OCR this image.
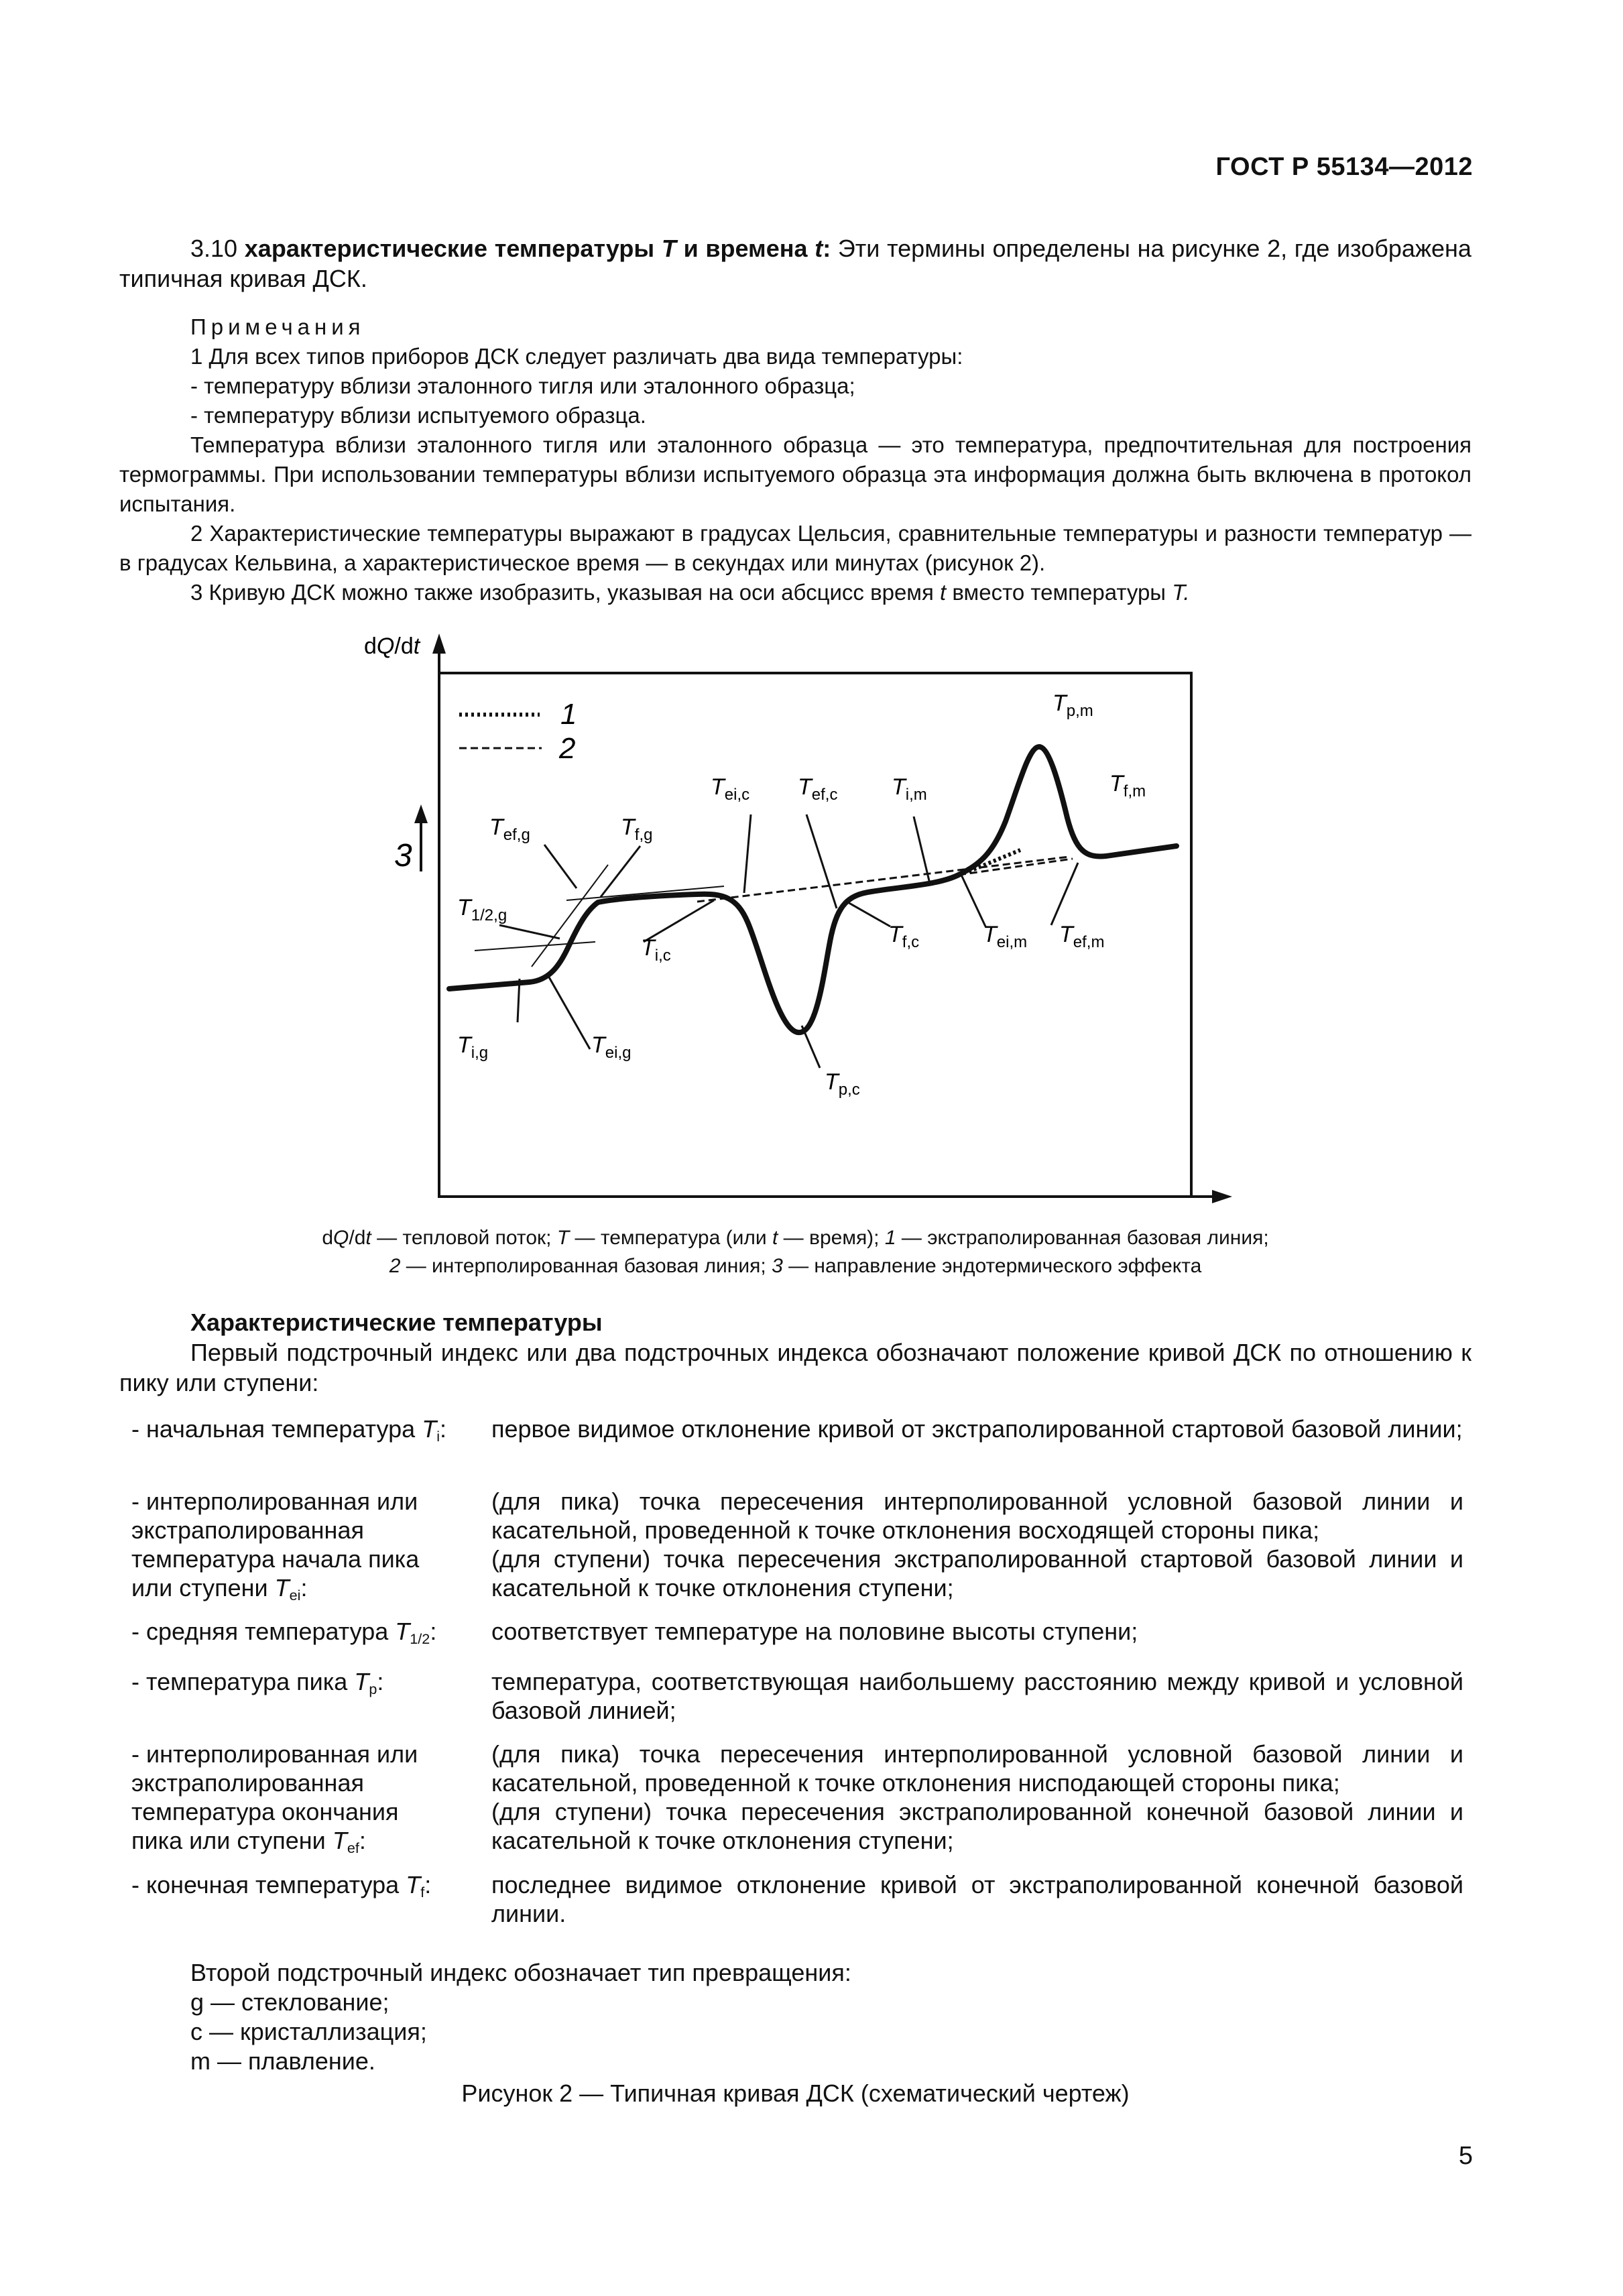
ГОСТ Р 55134—2012
3.10 характеристические температуры T и времена t: Эти термины определены на рисунке 2, где изображена типичная кривая ДСК.
Примечания
1 Для всех типов приборов ДСК следует различать два вида температуры:
- температуру вблизи эталонного тигля или эталонного образца;
- температуру вблизи испытуемого образца.
Температура вблизи эталонного тигля или эталонного образца — это температура, предпочтительная для построения термограммы. При использовании температуры вблизи испытуемого образца эта информация должна быть включена в протокол испытания.
2 Характеристические температуры выражают в градусах Цельсия, сравнительные температуры и разности температур — в градусах Кельвина, а характеристическое время — в секундах или минутах (рисунок 2).
3 Кривую ДСК можно также изобразить, указывая на оси абсцисс время t вместо температуры T.
dQ/dt
1
2
3
$T_{ef,g}$	$T_{f,g}$
$T_{1/2,g}$
$T_{i,g}$	$T_{ei,g}$
$T_{i,c}$
$T_{ei,c}$ $T_{ef,c}$
$T_{p,c}$
$T_{f,c}$
$T_{i,m}$
$T_{p,m}$
$T_{f,m}$
$T_{ei,m}$ $T_{ef,m}$
dQ/dt — тепловой поток; T — температура (или t — время); 1 — экстраполированная базовая линия;
2 — интерполированная базовая линия; 3 — направление эндотермического эффекта
Характеристические температуры
Первый подстрочный индекс или два подстрочных индекса обозначают положение кривой ДСК по отношению к пику или ступени:
- начальная температура $T_i$:	первое видимое отклонение кривой от экстраполированной стартовой базовой линии;
- интерполированная или экстраполированная температура начала пика или ступени $T_{ei}$:
(для пика) точка пересечения интерполированной условной базовой линии и касательной, проведенной к точке отклонения восходящей стороны пика;
(для ступени) точка пересечения экстраполированной стартовой базовой линии и касательной к точке отклонения ступени;
- средняя температура $T_{1/2}$:	соответствует температуре на половине высоты ступени;
- температура пика $T_p$:	температура, соответствующая наибольшему расстоянию между кривой и условной базовой линией;
- интерполированная или экстраполированная температура окончания пика или ступени $T_{ef}$:
(для пика) точка пересечения интерполированной условной базовой линии и касательной, проведенной к точке отклонения нисподающей стороны пика;
(для ступени) точка пересечения экстраполированной конечной базовой линии и касательной к точке отклонения ступени;
- конечная температура $T_f$:	последнее видимое отклонение кривой от экстраполированной конечной базовой линии.
Второй подстрочный индекс обозначает тип превращения:
g — стеклование;
c — кристаллизация;
m — плавление.
Рисунок 2 — Типичная кривая ДСК (схематический чертеж)
5
